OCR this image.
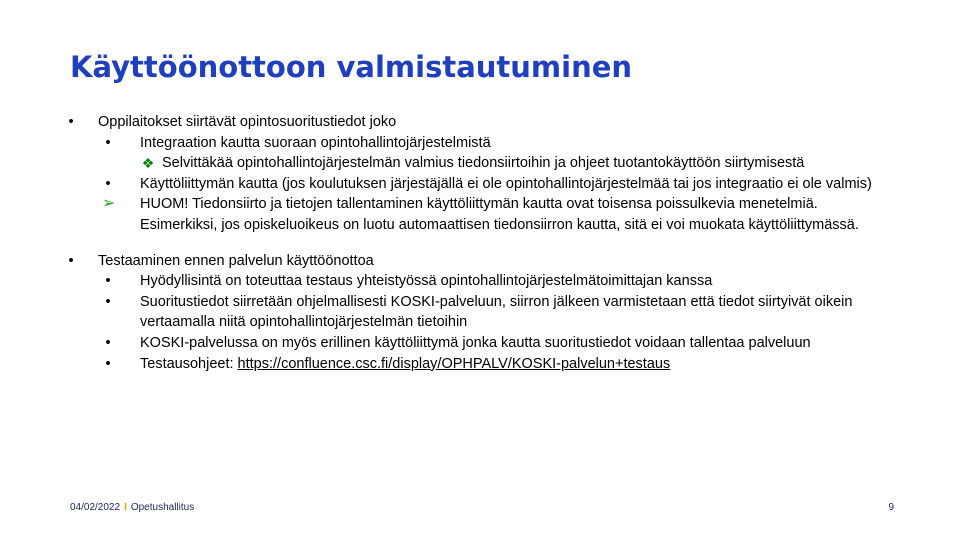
Käyttöönottoon valmistautuminen
•	Oppilaitokset siirtävät opintosuoritustiedot joko
• Integraation kautta suoraan opintohallintojärjestelmistä
❖ Selvittäkää opintohallintojärjestelmän valmius tiedonsiirtoihin ja ohjeet tuotantokäyttöön siirtymisestä
• Käyttöliittymän kautta (jos koulutuksen järjestäjällä ei ole opintohallintojärjestelmää tai jos integraatio ei ole valmis)
➢ HUOM! Tiedonsiirto ja tietojen tallentaminen käyttöliittymän kautta ovat toisensa poissulkevia menetelmiä. Esimerkiksi, jos opiskeluoikeus on luotu automaattisen tiedonsiirron kautta, sitä ei voi muokata käyttöliittymässä.
•	Testaaminen ennen palvelun käyttöönottoa
• Hyödyllisintä on toteuttaa testaus yhteistyössä opintohallintojärjestelmätoimittajan kanssa
• Suoritustiedot siirretään ohjelmallisesti KOSKI-palveluun, siirron jälkeen varmistetaan että tiedot siirtyivät oikein vertaamalla niitä opintohallintojärjestelmän tietoihin
• KOSKI-palvelussa on myös erillinen käyttöliittymä jonka kautta suoritustiedot voidaan tallentaa palveluun
• Testausohjeet: https://confluence.csc.fi/display/OPHPALV/KOSKI-palvelun+testaus
04/02/2022 I Opetushallitus	9
